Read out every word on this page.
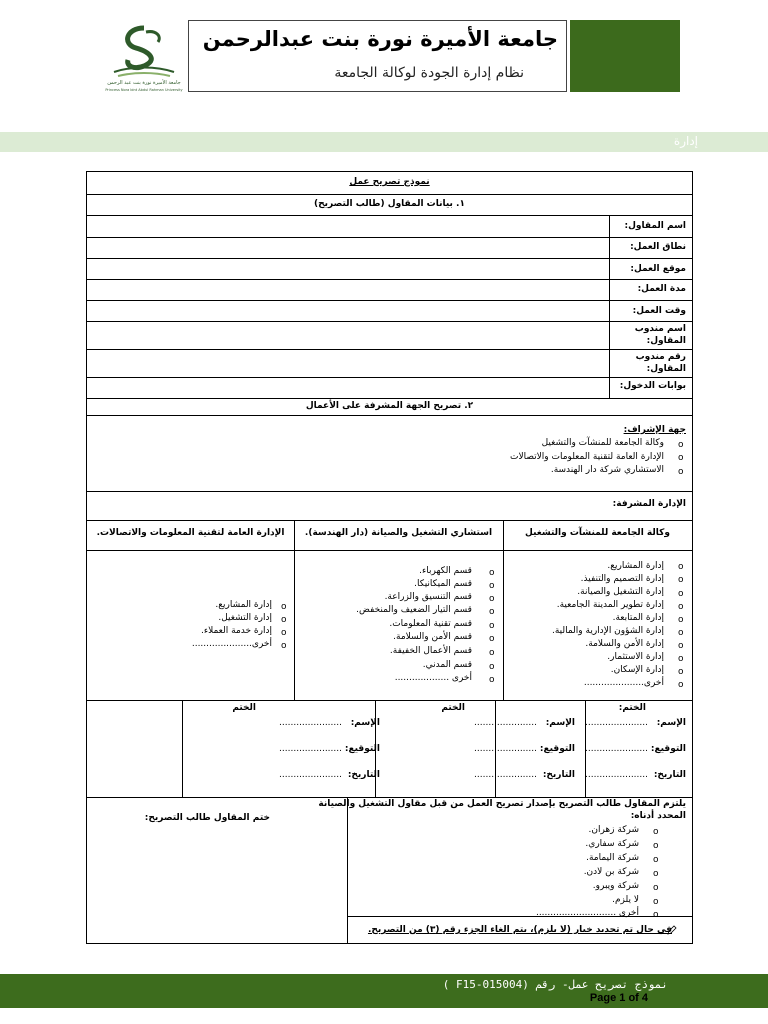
جامعة الأميرة نورة بنت عبد الرحمن
Princess Nora bint Abdul Rahman University
جامعة الأميرة نورة بنت عبدالرحمن
نظام إدارة الجودة لوكالة الجامعة
إدارة
نموذج تصريح عمل
١. بيانات المقاول (طالب التصريح)
اسم المقاول:
نطاق العمل:
موقع العمل:
مدة العمل:
وقت العمل:
اسم مندوب
المقاول:
رقم مندوب
المقاول:
بوابات الدخول:
٢. تصريح الجهة المشرفة على الأعمال
جهة الإشراف:
o
وكالة الجامعة للمنشآت والتشغيل
o
الإدارة العامة لتقنية المعلومات والاتصالات
o
الاستشاري شركة دار الهندسة.
الإدارة المشرفة:
وكالة الجامعة للمنشآت والتشغيل
استشاري التشغيل والصيانة (دار الهندسة).
الإدارة العامة لتقنية المعلومات والاتصالات.
o
إدارة المشاريع.
o
إدارة التصميم والتنفيذ.
o
إدارة التشغيل والصيانة.
o
إدارة تطوير المدينة الجامعية.
o
إدارة المتابعة.
o
إدارة الشؤون الإدارية والمالية.
o
إدارة الأمن والسلامة.
o
إدارة الاستثمار.
o
إدارة الإسكان.
o
أخرى.....................
o
قسم الكهرباء.
o
قسم الميكانيكا.
o
قسم التنسيق والزراعة.
o
قسم التيار الضعيف والمنخفض.
o
قسم تقنية المعلومات.
o
قسم الأمن والسلامة.
o
قسم الأعمال الخفيفة.
o
قسم المدني.
o
أخرى ...................
o
إدارة المشاريع.
o
إدارة التشغيل.
o
إدارة خدمة العملاء.
o
أخرى.....................
الختم:
الإسم:
......................
التوقيع:
......................
التاريخ:
......................
الختم
الإسم:
......................
التوقيع:
......................
التاريخ:
......................
الختم
الإسم:
......................
التوقيع:
......................
التاريخ:
......................
يلتزم المقاول طالب التصريح بإصدار تصريح العمل من قبل مقاول التشغيل والصيانة
المحدد أدناه:
o
شركة زهران.
o
شركة سفاري.
o
شركة اليمامة.
o
شركة بن لادن.
o
شركة ويبرو.
o
لا يلزم.
o
أخرى ............................
في حال تم تحديد خيار (لا يلزم)، يتم الغاء الجزء رقم (٣) من التصريح.
ختم المقاول طالب التصريح:
نموذج تصريح عمل- رقم (015004-F15 )
Page 1 of 4
